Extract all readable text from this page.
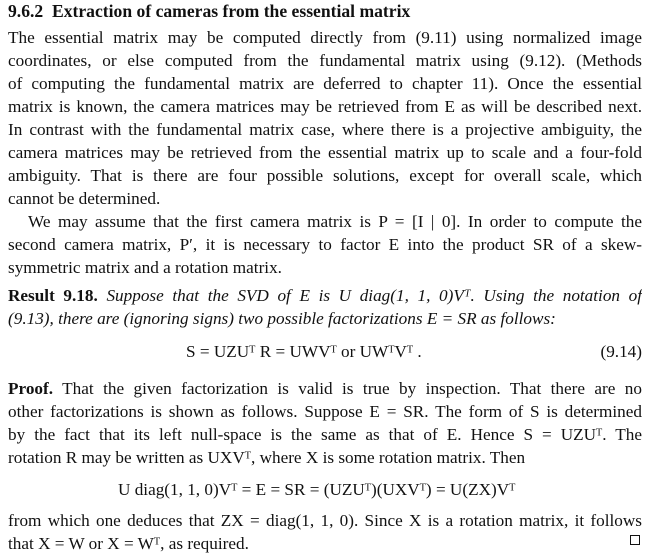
9.6.2 Extraction of cameras from the essential matrix
The essential matrix may be computed directly from (9.11) using normalized image
coordinates, or else computed from the fundamental matrix using (9.12). (Methods
of computing the fundamental matrix are deferred to chapter 11). Once the essential
matrix is known, the camera matrices may be retrieved from E as will be described next.
In contrast with the fundamental matrix case, where there is a projective ambiguity, the
camera matrices may be retrieved from the essential matrix up to scale and a four-fold
ambiguity. That is there are four possible solutions, except for overall scale, which
cannot be determined.
We may assume that the first camera matrix is P = [I | 0]. In order to compute the
second camera matrix, P′, it is necessary to factor E into the product SR of a skew-
symmetric matrix and a rotation matrix.
Result 9.18. Suppose that the SVD of E is U diag(1, 1, 0)Vᵀ. Using the notation of
(9.13), there are (ignoring signs) two possible factorizations E = SR as follows:
S = UZUᵀ R = UWVᵀ or UWᵀVᵀ .	(9.14)
Proof. That the given factorization is valid is true by inspection. That there are no
other factorizations is shown as follows. Suppose E = SR. The form of S is determined
by the fact that its left null-space is the same as that of E. Hence S = UZUᵀ. The
rotation R may be written as UXVᵀ, where X is some rotation matrix. Then
U diag(1, 1, 0)Vᵀ = E = SR = (UZUᵀ)(UXVᵀ) = U(ZX)Vᵀ
from which one deduces that ZX = diag(1, 1, 0). Since X is a rotation matrix, it follows
that X = W or X = Wᵀ, as required.
